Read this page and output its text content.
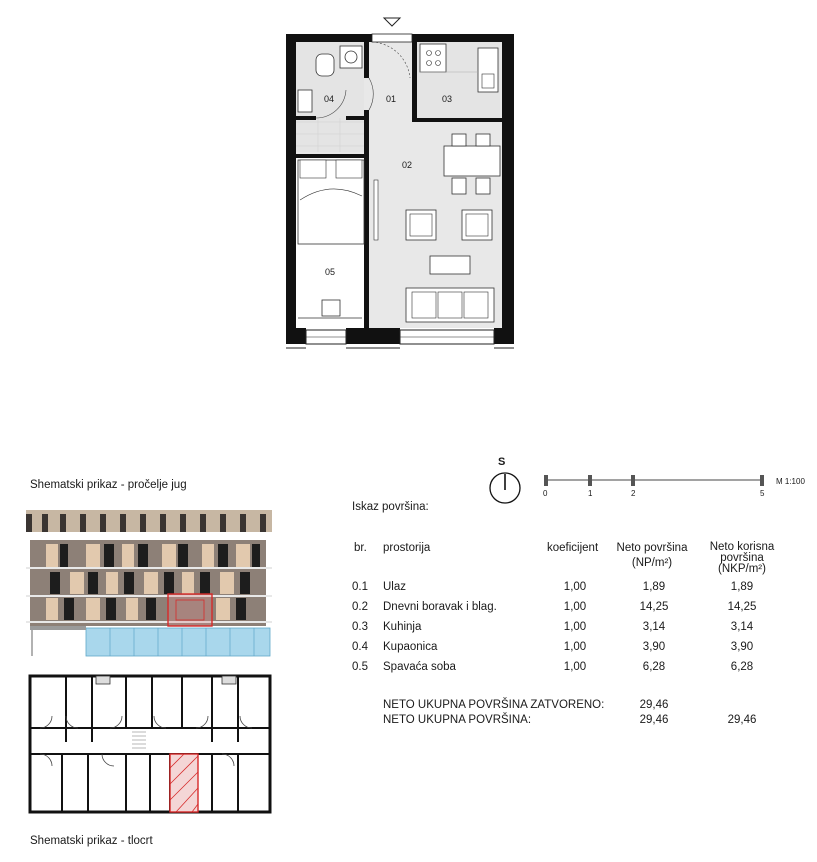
01
02
03
04
05
S
0	1	2	5
M 1:100
Shematski prikaz - pročelje jug
Shematski prikaz - tlocrt
Iskaz površina:
br. prostorija	koeficijent	Neto površina
(NP/m²)
Neto korisna
površina
(NKP/m²)
0.1 Ulaz	1,00	1,89	1,89
0.2 Dnevni boravak i blag.	1,00	14,25	14,25
0.3 Kuhinja	1,00	3,14	3,14
0.4 Kupaonica	1,00	3,90	3,90
0.5 Spavaća soba	1,00	6,28	6,28
NETO UKUPNA POVRŠINA ZATVORENO:	29,46
NETO UKUPNA POVRŠINA:	29,46	29,46
